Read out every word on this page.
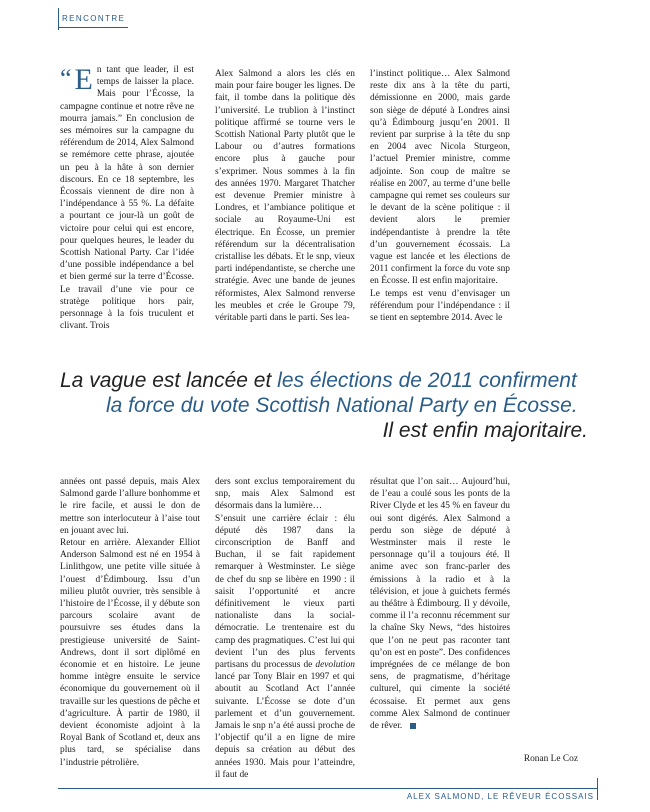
RENCONTRE

“ E n tant que leader, il est temps de laisser la place. Mais pour l’Écosse, la campagne continue et notre rêve ne mourra jamais.” En conclusion de ses mémoires sur la campagne du référendum de 2014, Alex Salmond se remémore cette phrase, ajoutée un peu à la hâte à son dernier discours. En ce 18 septembre, les Écossais viennent de dire non à l’indépendance à 55 %. La défaite a pourtant ce jour-là un goût de victoire pour celui qui est encore, pour quelques heures, le leader du Scottish National Party. Car l’idée d’une possible indépendance a bel et bien germé sur la terre d’Écosse. Le travail d’une vie pour ce stratège politique hors pair, personnage à la fois truculent et clivant. Trois

Alex Salmond a alors les clés en main pour faire bouger les lignes. De fait, il tombe dans la politique dès l’université. Le trublion à l’instinct politique affirmé se tourne vers le Scottish National Party plutôt que le Labour ou d’autres formations encore plus à gauche pour s’exprimer. Nous sommes à la fin des années 1970. Margaret Thatcher est devenue Premier ministre à Londres, et l’ambiance politique et sociale au Royaume-Uni est électrique. En Écosse, un premier référendum sur la décentralisation cristallise les débats. Et le snp, vieux parti indépendantiste, se cherche une stratégie. Avec une bande de jeunes réformistes, Alex Salmond renverse les meubles et crée le Groupe 79, véritable parti dans le parti. Ses lea-

l’instinct politique… Alex Salmond reste dix ans à la tête du parti, démissionne en 2000, mais garde son siège de député à Londres ainsi qu’à Édimbourg jusqu’en 2001. Il revient par surprise à la tête du snp en 2004 avec Nicola Sturgeon, l’actuel Premier ministre, comme adjointe. Son coup de maître se réalise en 2007, au terme d’une belle campagne qui remet ses couleurs sur le devant de la scène politique : il devient alors le premier indépendantiste à prendre la tête d’un gouvernement écossais. La vague est lancée et les élections de 2011 confirment la force du vote snp en Écosse. Il est enfin majoritaire.

Le temps est venu d’envisager un référendum pour l’indépendance : il se tient en septembre 2014. Avec le

La vague est lancée et les élections de 2011 confirment
la force du vote Scottish National Party en Écosse.
Il est enfin majoritaire.

années ont passé depuis, mais Alex Salmond garde l’allure bonhomme et le rire facile, et aussi le don de mettre son interlocuteur à l’aise tout en jouant avec lui.

Retour en arrière. Alexander Elliot Anderson Salmond est né en 1954 à Linlithgow, une petite ville située à l’ouest d’Édimbourg. Issu d’un milieu plutôt ouvrier, très sensible à l’histoire de l’Écosse, il y débute son parcours scolaire avant de poursuivre ses études dans la prestigieuse université de Saint-Andrews, dont il sort diplômé en économie et en histoire. Le jeune homme intègre ensuite le service économique du gouvernement où il travaille sur les questions de pêche et d’agriculture. À partir de 1980, il devient économiste adjoint à la Royal Bank of Scotland et, deux ans plus tard, se spécialise dans l’industrie pétrolière.

ders sont exclus temporairement du snp, mais Alex Salmond est désormais dans la lumière…

S’ensuit une carrière éclair : élu député dès 1987 dans la circonscription de Banff and Buchan, il se fait rapidement remarquer à Westminster. Le siège de chef du snp se libère en 1990 : il saisit l’opportunité et ancre définitivement le vieux parti nationaliste dans la social-démocratie. Le trentenaire est du camp des pragmatiques. C’est lui qui devient l’un des plus fervents partisans du processus de devolution lancé par Tony Blair en 1997 et qui aboutit au Scotland Act l’année suivante. L’Écosse se dote d’un parlement et d’un gouvernement. Jamais le snp n’a été aussi proche de l’objectif qu’il a en ligne de mire depuis sa création au début des années 1930. Mais pour l’atteindre, il faut de

résultat que l’on sait… Aujourd’hui, de l’eau a coulé sous les ponts de la River Clyde et les 45 % en faveur du oui sont digérés. Alex Salmond a perdu son siège de député à Westminster mais il reste le personnage qu’il a toujours été. Il anime avec son franc-parler des émissions à la radio et à la télévision, et joue à guichets fermés au théâtre à Édimbourg. Il y dévoile, comme il l’a reconnu récemment sur la chaîne Sky News, “des histoires que l’on ne peut pas raconter tant qu’on est en poste”. Des confidences imprégnées de ce mélange de bon sens, de pragmatisme, d’héritage culturel, qui cimente la société écossaise. Et permet aux gens comme Alex Salmond de continuer de rêver.

Ronan Le Coz
ALEX SALMOND, LE RÊVEUR ÉCOSSAIS
